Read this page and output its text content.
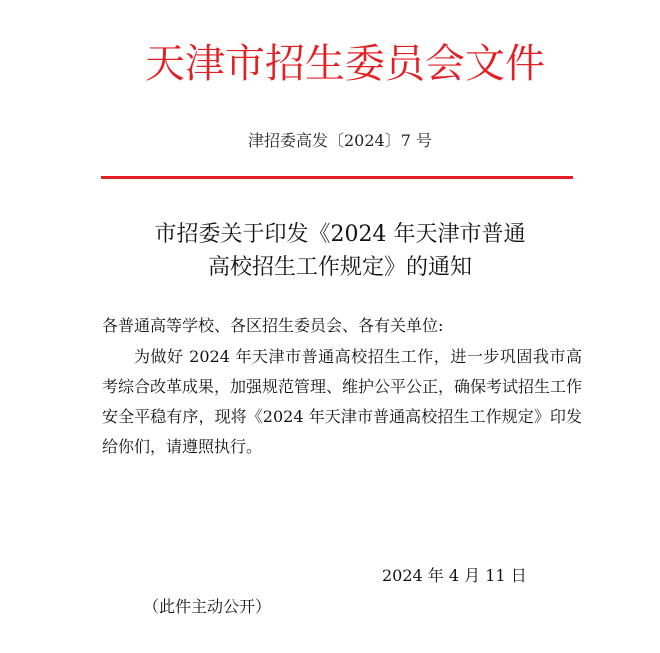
天津市招生委员会文件
津招委高发〔2024〕7 号
市招委关于印发《2024 年天津市普通
高校招生工作规定》的通知
各普通高等学校、各区招生委员会、各有关单位:
为做好 2024 年天津市普通高校招生工作，进一步巩固我市高考综合改革成果，加强规范管理、维护公平公正，确保考试招生工作安全平稳有序，现将《2024 年天津市普通高校招生工作规定》印发给你们，请遵照执行。
2024 年 4 月 11 日
（此件主动公开）
